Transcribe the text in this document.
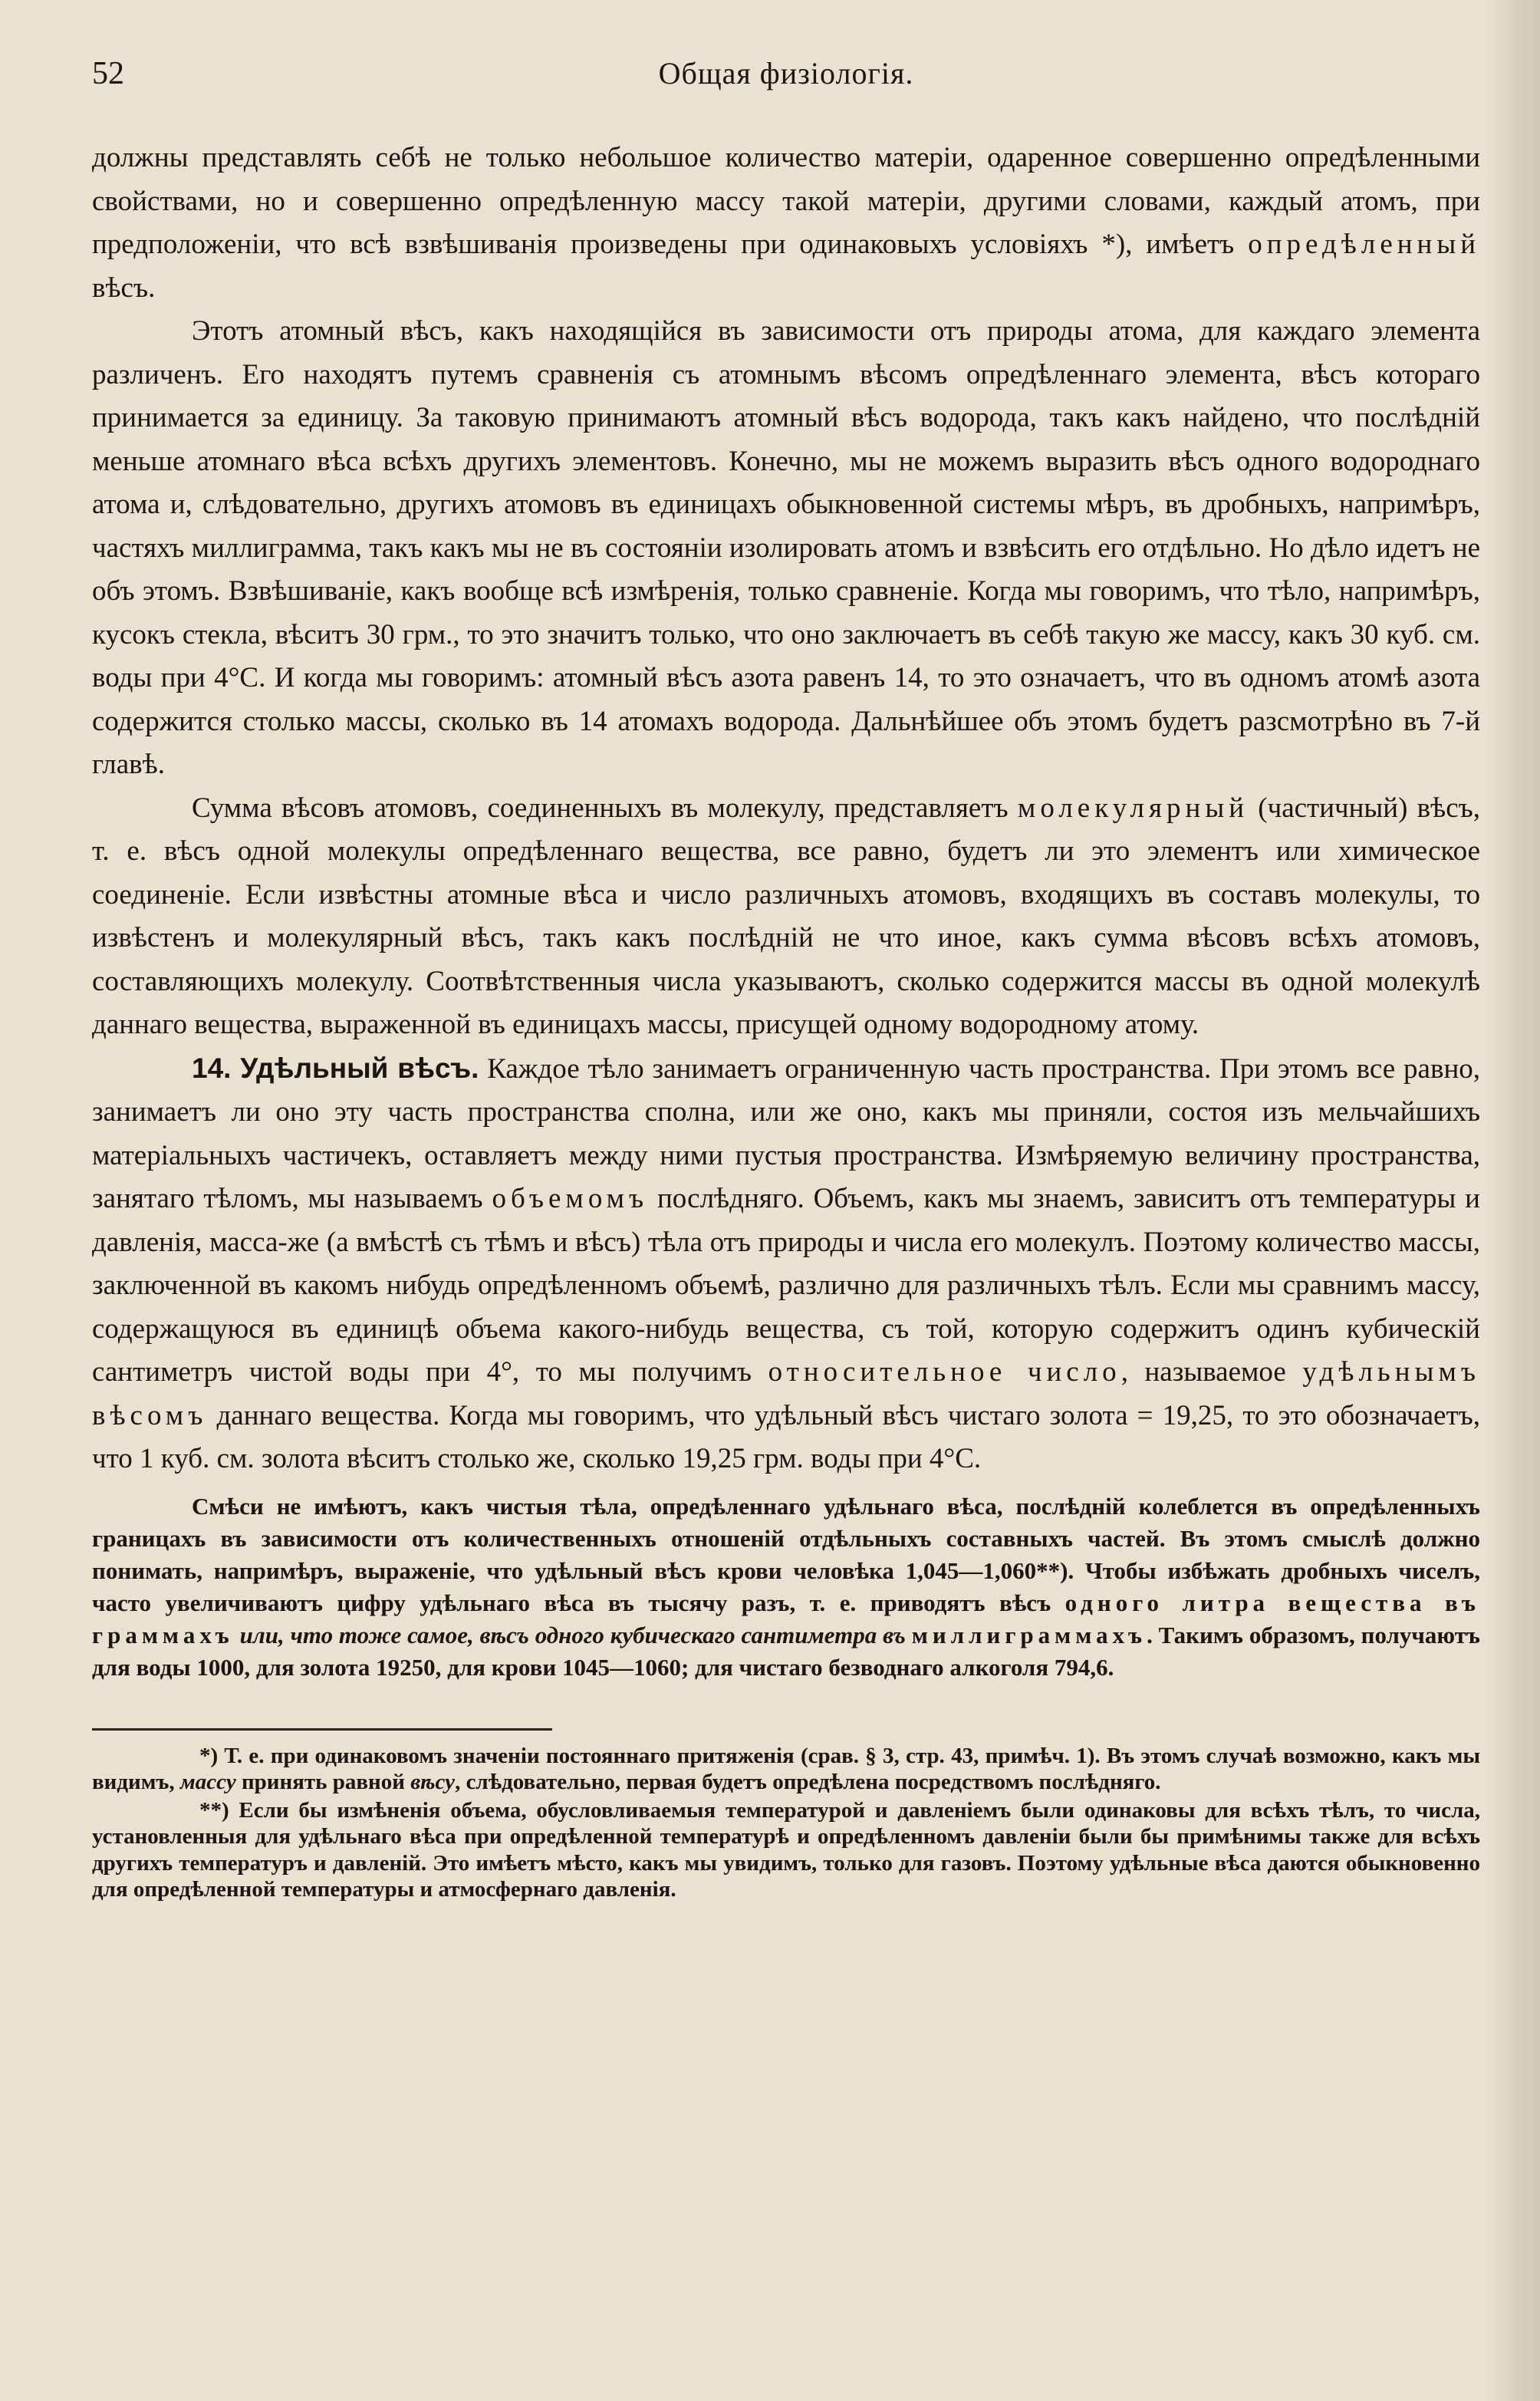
52	Общая физiологiя.

должны представлять себѣ не только небольшое количество матерiи, одаренное совершенно опредѣленными свойствами, но и совершенно опредѣленную массу такой матерiи, другими словами, каждый атомъ, при предположенiи, что всѣ взвѣшиванiя произведены при одинаковыхъ условiяхъ *), имѣетъ опредѣленный вѣсъ.

Этотъ атомный вѣсъ, какъ находящiйся въ зависимости отъ природы атома, для каждаго элемента различенъ. Его находятъ путемъ сравненiя съ атомнымъ вѣсомъ опредѣленнаго элемента, вѣсъ котораго принимается за единицу. За таковую принимаютъ атомный вѣсъ водорода, такъ какъ найдено, что послѣднiй меньше атомнаго вѣса всѣхъ другихъ элементовъ. Конечно, мы не можемъ выразить вѣсъ одного водороднаго атома и, слѣдовательно, другихъ атомовъ въ единицахъ обыкновенной системы мѣръ, въ дробныхъ, напримѣръ, частяхъ миллиграмма, такъ какъ мы не въ состоянiи изолировать атомъ и взвѣсить его отдѣльно. Но дѣло идетъ не объ этомъ. Взвѣшиванiе, какъ вообще всѣ измѣренiя, только сравненiе. Когда мы говоримъ, что тѣло, напримѣръ, кусокъ стекла, вѣситъ 30 грм., то это значитъ только, что оно заключаетъ въ себѣ такую же массу, какъ 30 куб. см. воды при 4°C. И когда мы говоримъ: атомный вѣсъ азота равенъ 14, то это означаетъ, что въ одномъ атомѣ азота содержится столько массы, сколько въ 14 атомахъ водорода. Дальнѣйшее объ этомъ будетъ разсмотрѣно въ 7-й главѣ.

Сумма вѣсовъ атомовъ, соединенныхъ въ молекулу, представляетъ молекулярный (частичный) вѣсъ, т. е. вѣсъ одной молекулы опредѣленнаго вещества, все равно, будетъ ли это элементъ или химическое соединенiе. Если извѣстны атомные вѣса и число различныхъ атомовъ, входящихъ въ составъ молекулы, то извѣстенъ и молекулярный вѣсъ, такъ какъ послѣднiй не что иное, какъ сумма вѣсовъ всѣхъ атомовъ, составляющихъ молекулу. Соотвѣтственныя числа указываютъ, сколько содержится массы въ одной молекулѣ даннаго вещества, выраженной въ единицахъ массы, присущей одному водородному атому.

14. Удѣльный вѣсъ. Каждое тѣло занимаетъ ограниченную часть пространства. При этомъ все равно, занимаетъ ли оно эту часть пространства сполна, или же оно, какъ мы приняли, состоя изъ мельчайшихъ матерiальныхъ частичекъ, оставляетъ между ними пустыя пространства. Измѣряемую величину пространства, занятаго тѣломъ, мы называемъ объемомъ послѣдняго. Объемъ, какъ мы знаемъ, зависитъ отъ температуры и давленiя, масса-же (а вмѣстѣ съ тѣмъ и вѣсъ) тѣла отъ природы и числа его молекулъ. Поэтому количество массы, заключенной въ какомъ нибудь опредѣленномъ объемѣ, различно для различныхъ тѣлъ. Если мы сравнимъ массу, содержащуюся въ единицѣ объема какого-нибудь вещества, съ той, которую содержитъ одинъ кубическiй сантиметръ чистой воды при 4°, то мы получимъ относительное число, называемое удѣльнымъ вѣсомъ даннаго вещества. Когда мы говоримъ, что удѣльный вѣсъ чистаго золота = 19,25, то это обозначаетъ, что 1 куб. см. золота вѣситъ столько же, сколько 19,25 грм. воды при 4°C.

Смѣси не имѣютъ, какъ чистыя тѣла, опредѣленнаго удѣльнаго вѣса, послѣднiй колеблется въ опредѣленныхъ границахъ въ зависимости отъ количественныхъ отношенiй отдѣльныхъ составныхъ частей. Въ этомъ смыслѣ должно понимать, напримѣръ, выраженiе, что удѣльный вѣсъ крови человѣка 1,045—1,060**). Чтобы избѣжать дробныхъ чиселъ, часто увеличиваютъ цифру удѣльнаго вѣса въ тысячу разъ, т. е. приводятъ вѣсъ одного литра вещества въ граммахъ или, что тоже самое, вѣсъ одного кубическаго сантиметра въ миллиграммахъ. Такимъ образомъ, получаютъ для воды 1000, для золота 19250, для крови 1045—1060; для чистаго безводнаго алкоголя 794,6.

*) Т. е. при одинаковомъ значенiи постояннаго притяженiя (срав. § 3, стр. 43, примѣч. 1). Въ этомъ случаѣ возможно, какъ мы видимъ, массу принять равной вѣсу, слѣдовательно, первая будетъ опредѣлена посредствомъ послѣдняго.

**) Если бы измѣненiя объема, обусловливаемыя температурой и давленiемъ были одинаковы для всѣхъ тѣлъ, то числа, установленныя для удѣльнаго вѣса при опредѣленной температурѣ и опредѣленномъ давленiи были бы примѣнимы также для всѣхъ другихъ температуръ и давленiй. Это имѣетъ мѣсто, какъ мы увидимъ, только для газовъ. Поэтому удѣльные вѣса даются обыкновенно для опредѣленной температуры и атмосфернаго давленiя.
